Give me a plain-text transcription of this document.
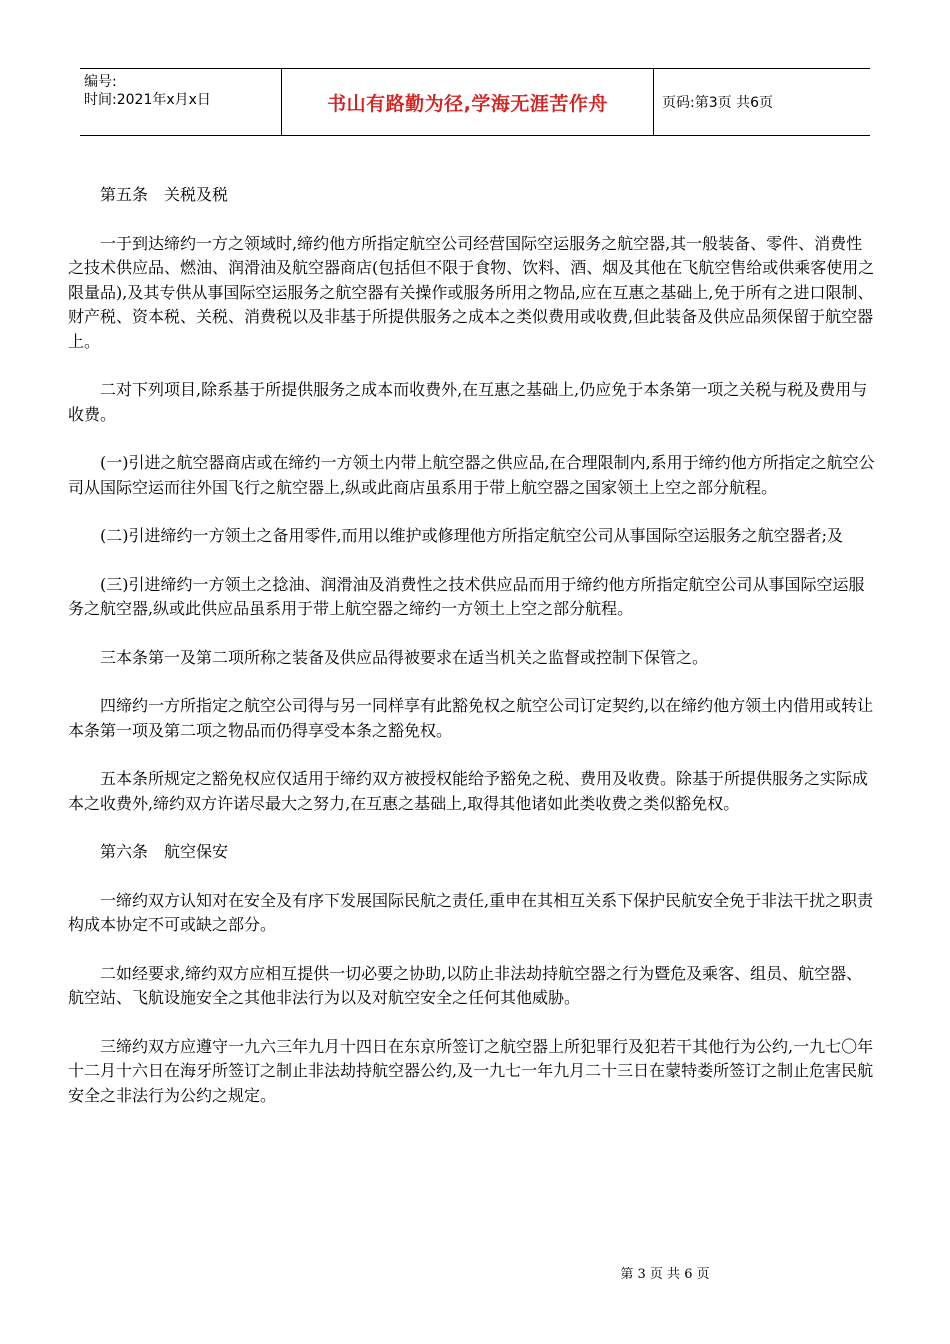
编号:
时间:2021年x月x日	书山有路勤为径,学海无涯苦作舟	页码:第3页 共6页

第五条　关税及税

一于到达缔约一方之领域时,缔约他方所指定航空公司经营国际空运服务之航空器,其一般装备、零件、消费性之技术供应品、燃油、润滑油及航空器商店(包括但不限于食物、饮料、酒、烟及其他在飞航空售给或供乘客使用之限量品),及其专供从事国际空运服务之航空器有关操作或服务所用之物品,应在互惠之基础上,免于所有之进口限制、财产税、资本税、关税、消费税以及非基于所提供服务之成本之类似费用或收费,但此装备及供应品须保留于航空器上。

二对下列项目,除系基于所提供服务之成本而收费外,在互惠之基础上,仍应免于本条第一项之关税与税及费用与收费。

(一)引进之航空器商店或在缔约一方领土内带上航空器之供应品,在合理限制内,系用于缔约他方所指定之航空公司从国际空运而往外国飞行之航空器上,纵或此商店虽系用于带上航空器之国家领土上空之部分航程。

(二)引进缔约一方领土之备用零件,而用以维护或修理他方所指定航空公司从事国际空运服务之航空器者;及

(三)引进缔约一方领土之捻油、润滑油及消费性之技术供应品而用于缔约他方所指定航空公司从事国际空运服务之航空器,纵或此供应品虽系用于带上航空器之缔约一方领土上空之部分航程。

三本条第一及第二项所称之装备及供应品得被要求在适当机关之监督或控制下保管之。

四缔约一方所指定之航空公司得与另一同样享有此豁免权之航空公司订定契约,以在缔约他方领土内借用或转让本条第一项及第二项之物品而仍得享受本条之豁免权。

五本条所规定之豁免权应仅适用于缔约双方被授权能给予豁免之税、费用及收费。除基于所提供服务之实际成本之收费外,缔约双方许诺尽最大之努力,在互惠之基础上,取得其他诸如此类收费之类似豁免权。

第六条　航空保安

一缔约双方认知对在安全及有序下发展国际民航之责任,重申在其相互关系下保护民航安全免于非法干扰之职责构成本协定不可或缺之部分。

二如经要求,缔约双方应相互提供一切必要之协助,以防止非法劫持航空器之行为暨危及乘客、组员、航空器、航空站、飞航设施安全之其他非法行为以及对航空安全之任何其他威胁。

三缔约双方应遵守一九六三年九月十四日在东京所签订之航空器上所犯罪行及犯若干其他行为公约,一九七〇年十二月十六日在海牙所签订之制止非法劫持航空器公约,及一九七一年九月二十三日在蒙特娄所签订之制止危害民航安全之非法行为公约之规定。

第 3 页 共 6 页
